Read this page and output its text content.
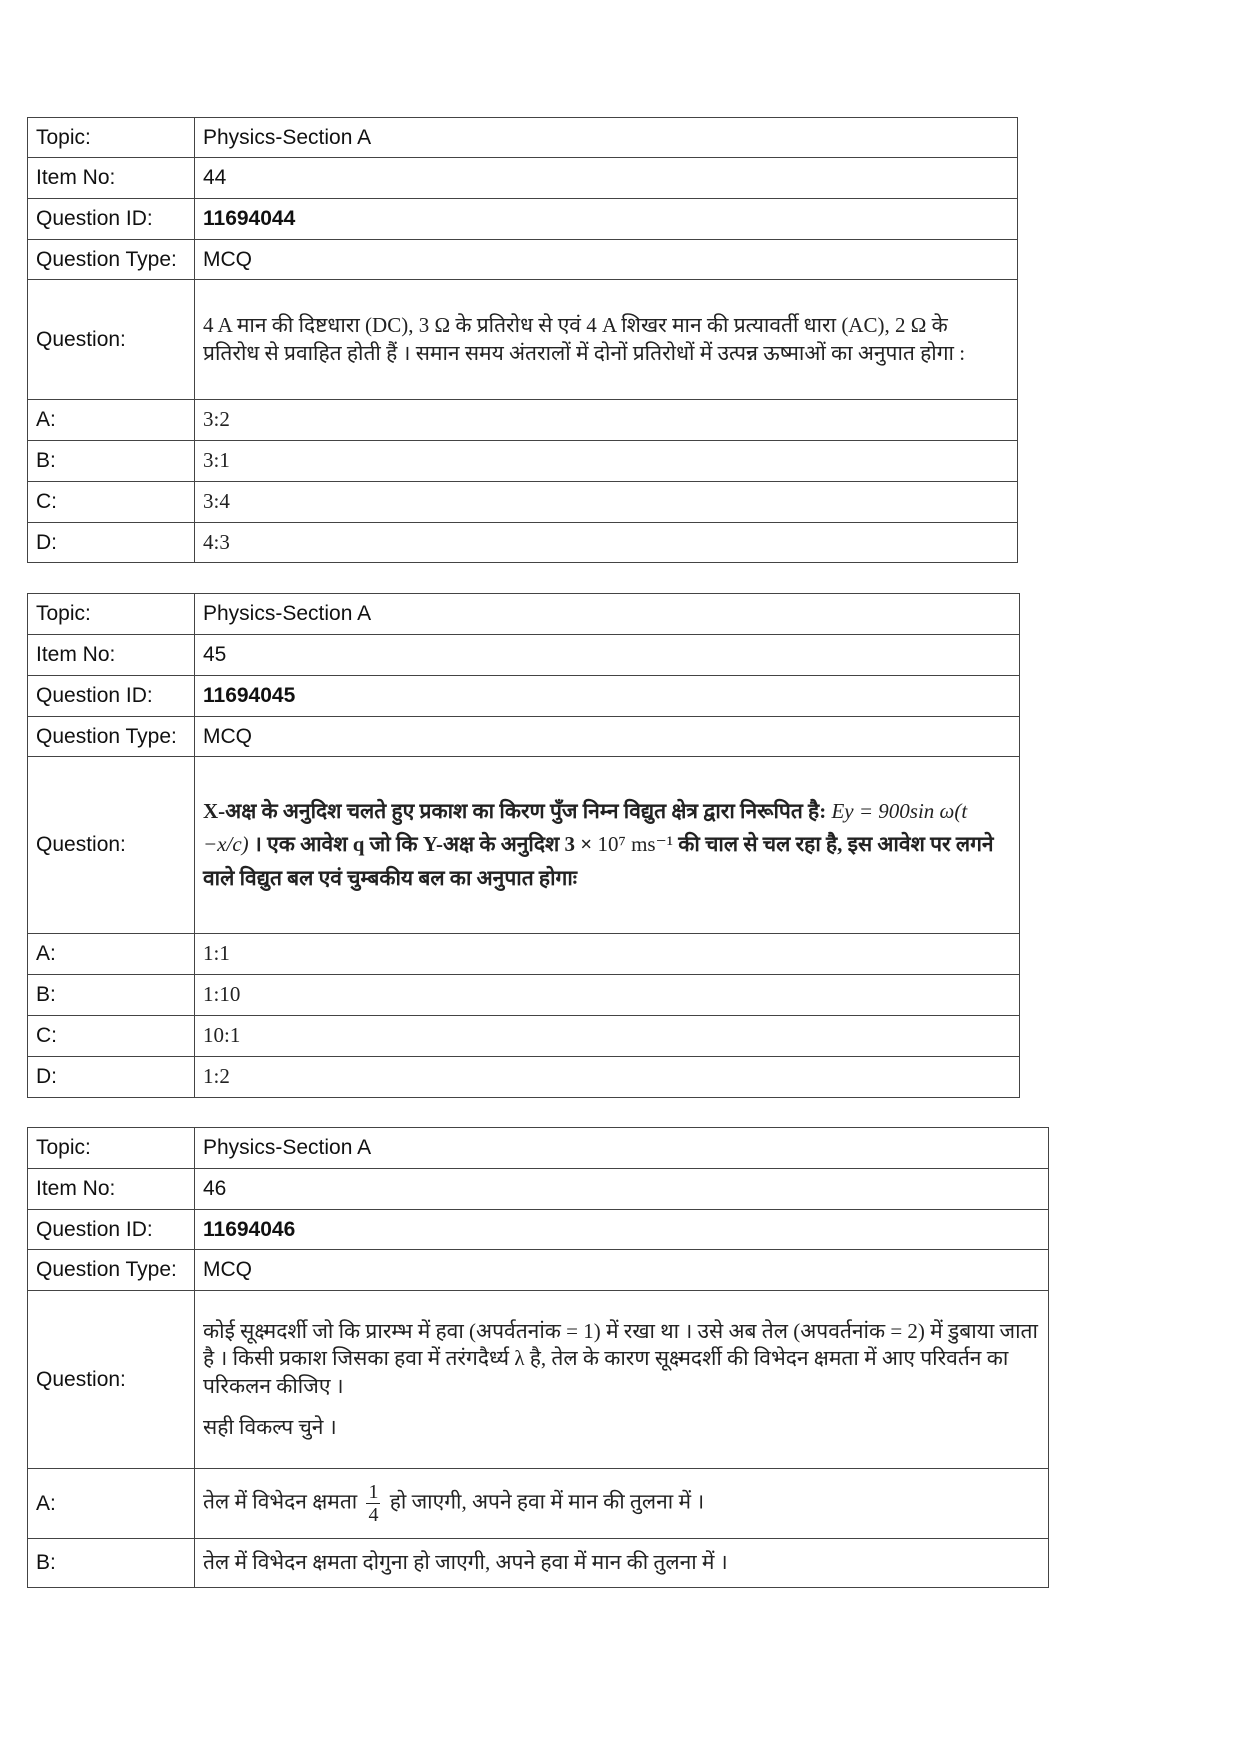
Topic:	Physics-Section A
Item No:	44
Question ID:	11694044
Question Type:	MCQ
Question:	4 A मान की दिष्टधारा (DC), 3 Ω के प्रतिरोध से एवं 4 A शिखर मान की प्रत्यावर्ती धारा (AC), 2 Ω के प्रतिरोध से प्रवाहित होती हैं । समान समय अंतरालों में दोनों प्रतिरोधों में उत्पन्न ऊष्माओं का अनुपात होगा :
A:	3:2
B:	3:1
C:	3:4
D:	4:3
Topic:	Physics-Section A
Item No:	45
Question ID:	11694045
Question Type:	MCQ
Question:	X-अक्ष के अनुदिश चलते हुए प्रकाश का किरण पुँज निम्न विद्युत क्षेत्र द्वारा निरूपित है: Ey = 900sin ω(t −x/c) । एक आवेश q जो कि Y-अक्ष के अनुदिश 3 × 10⁷ ms⁻¹ की चाल से चल रहा है, इस आवेश पर लगने वाले विद्युत बल एवं चुम्बकीय बल का अनुपात होगाः
A:	1:1
B:	1:10
C:	10:1
D:	1:2
Topic:	Physics-Section A
Item No:	46
Question ID:	11694046
Question Type:	MCQ
Question:	कोई सूक्ष्मदर्शी जो कि प्रारम्भ में हवा (अपर्वतनांक = 1) में रखा था । उसे अब तेल (अपवर्तनांक = 2) में डुबाया जाता है । किसी प्रकाश जिसका हवा में तरंगदैर्ध्य λ है, तेल के कारण सूक्ष्मदर्शी की विभेदन क्षमता में आए परिवर्तन का परिकलन कीजिए ।
सही विकल्प चुने ।

A:	तेल में विभेदन क्षमता $\frac{1}{4}$ हो जाएगी, अपने हवा में मान की तुलना में ।
B:	तेल में विभेदन क्षमता दोगुना हो जाएगी, अपने हवा में मान की तुलना में ।
